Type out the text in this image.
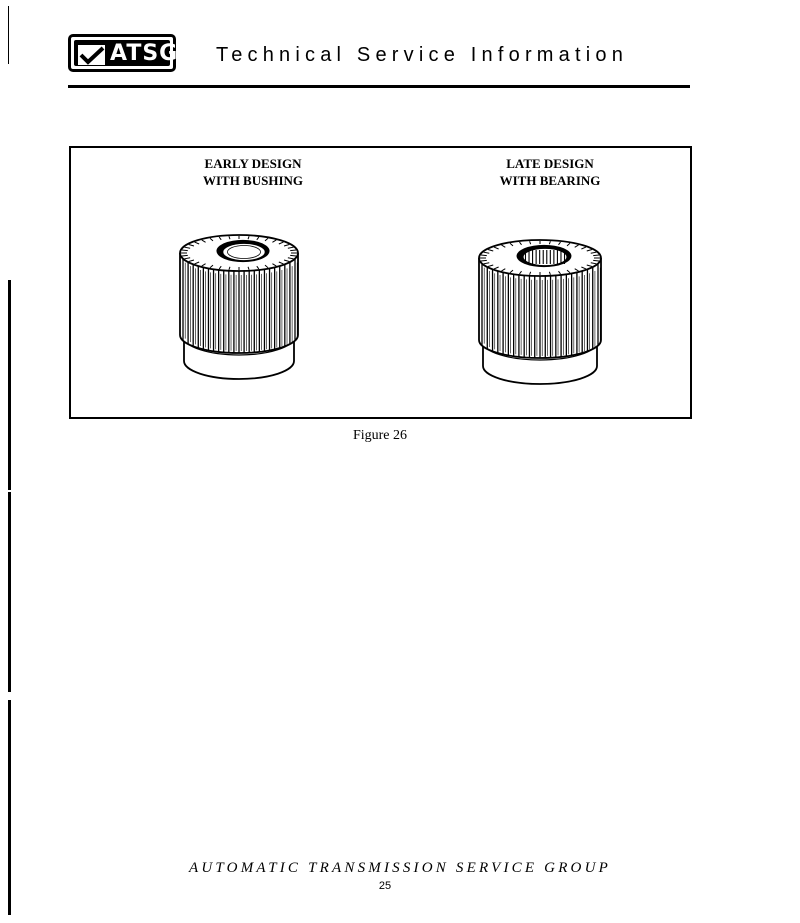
ATSG Technical Service Information
EARLY DESIGN
WITH BUSHING
LATE DESIGN
WITH BEARING
Figure 26
AUTOMATIC TRANSMISSION SERVICE GROUP
25
